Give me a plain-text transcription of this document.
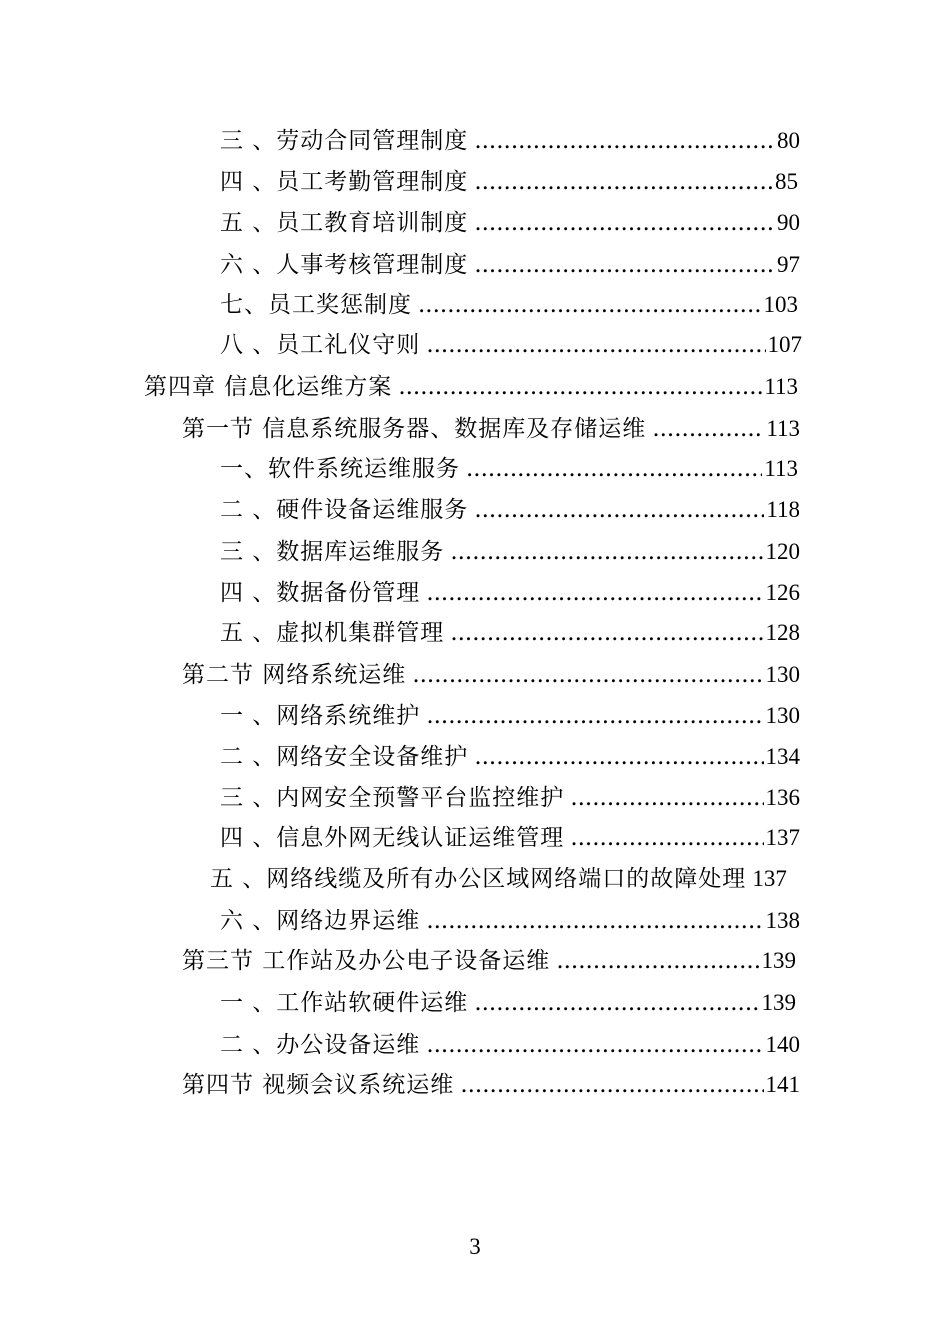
三 、劳动合同管理制度 .....	80
四 、员工考勤管理制度 .....	85
五 、员工教育培训制度 .....	90
六 、人事考核管理制度 .....	97
七、员工奖惩制度 .....	103
八 、员工礼仪守则 .....	107
第四章 信息化运维方案 .....	113
第一节 信息系统服务器、数据库及存储运维 .....	113
一、软件系统运维服务 .....	113
二 、硬件设备运维服务 .....	118
三 、数据库运维服务 .....	120
四 、数据备份管理 .....	126
五 、虚拟机集群管理 .....	128
第二节 网络系统运维 .....	130
一 、网络系统维护 .....	130
二 、网络安全设备维护 .....	134
三 、内网安全预警平台监控维护 .....	136
四 、信息外网无线认证运维管理 .....	137
五 、网络线缆及所有办公区域网络端口的故障处理 137
六 、网络边界运维 .....	138
第三节 工作站及办公电子设备运维 .....	139
一 、工作站软硬件运维 .....	139
二 、办公设备运维 .....	140
第四节 视频会议系统运维 .....	141
3
